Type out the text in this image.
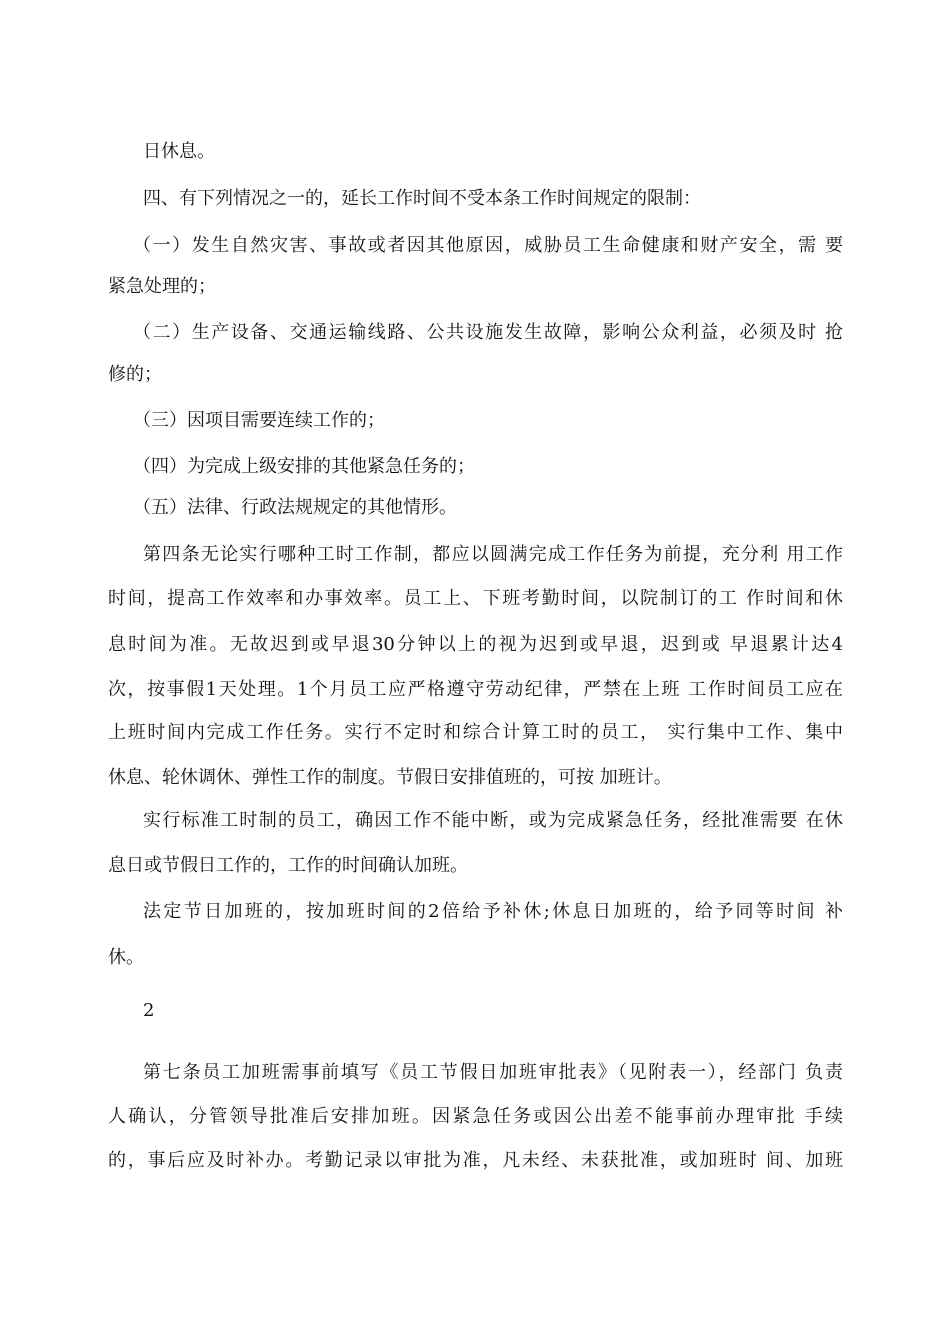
日休息。

四、有下列情况之一的，延长工作时间不受本条工作时间规定的限制：

（一）发生自然灾害、事故或者因其他原因，威胁员工生命健康和财产安全，需 要

紧急处理的；

（二）生产设备、交通运输线路、公共设施发生故障，影响公众利益，必须及时 抢

修的；

（三）因项目需要连续工作的；

（四）为完成上级安排的其他紧急任务的；

（五）法律、行政法规规定的其他情形。

第四条无论实行哪种工时工作制，都应以圆满完成工作任务为前提，充分利 用工作

时间，提高工作效率和办事效率。员工上、下班考勤时间，以院制订的工 作时间和休

息时间为准。无故迟到或早退30分钟以上的视为迟到或早退，迟到或 早退累计达4

次，按事假1天处理。1个月员工应严格遵守劳动纪律，严禁在上班 工作时间员工应在

上班时间内完成工作任务。实行不定时和综合计算工时的员工， 实行集中工作、集中

休息、轮休调休、弹性工作的制度。节假日安排值班的，可按 加班计。

实行标准工时制的员工，确因工作不能中断，或为完成紧急任务，经批准需要 在休

息日或节假日工作的，工作的时间确认加班。

法定节日加班的，按加班时间的2倍给予补休;休息日加班的，给予同等时间 补

休。

2

第七条员工加班需事前填写《员工节假日加班审批表》（见附表一），经部门 负责

人确认，分管领导批准后安排加班。因紧急任务或因公出差不能事前办理审批 手续

的，事后应及时补办。考勤记录以审批为准，凡未经、未获批准，或加班时 间、加班
